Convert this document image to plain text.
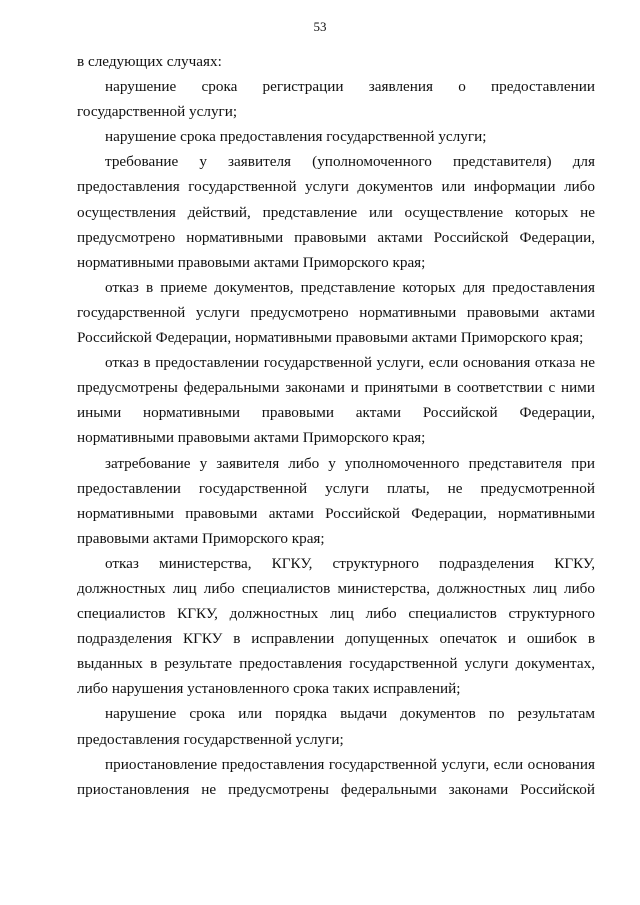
53

в следующих случаях:

нарушение срока регистрации заявления о предоставлении государственной услуги;

нарушение срока предоставления государственной услуги;

требование у заявителя (уполномоченного представителя) для предоставления государственной услуги документов или информации либо осуществления действий, представление или осуществление которых не предусмотрено нормативными правовыми актами Российской Федерации, нормативными правовыми актами Приморского края;

отказ в приеме документов, представление которых для предоставления государственной услуги предусмотрено нормативными правовыми актами Российской Федерации, нормативными правовыми актами Приморского края;

отказ в предоставлении государственной услуги, если основания отказа не предусмотрены федеральными законами и принятыми в соответствии с ними иными нормативными правовыми актами Российской Федерации, нормативными правовыми актами Приморского края;

затребование у заявителя либо у уполномоченного представителя при предоставлении государственной услуги платы, не предусмотренной нормативными правовыми актами Российской Федерации, нормативными правовыми актами Приморского края;

отказ министерства, КГКУ, структурного подразделения КГКУ, должностных лиц либо специалистов министерства, должностных лиц либо специалистов КГКУ, должностных лиц либо специалистов структурного подразделения КГКУ в исправлении допущенных опечаток и ошибок в выданных в результате предоставления государственной услуги документах, либо нарушения установленного срока таких исправлений;

нарушение срока или порядка выдачи документов по результатам предоставления государственной услуги;

приостановление предоставления государственной услуги, если основания приостановления не предусмотрены федеральными законами Российской
